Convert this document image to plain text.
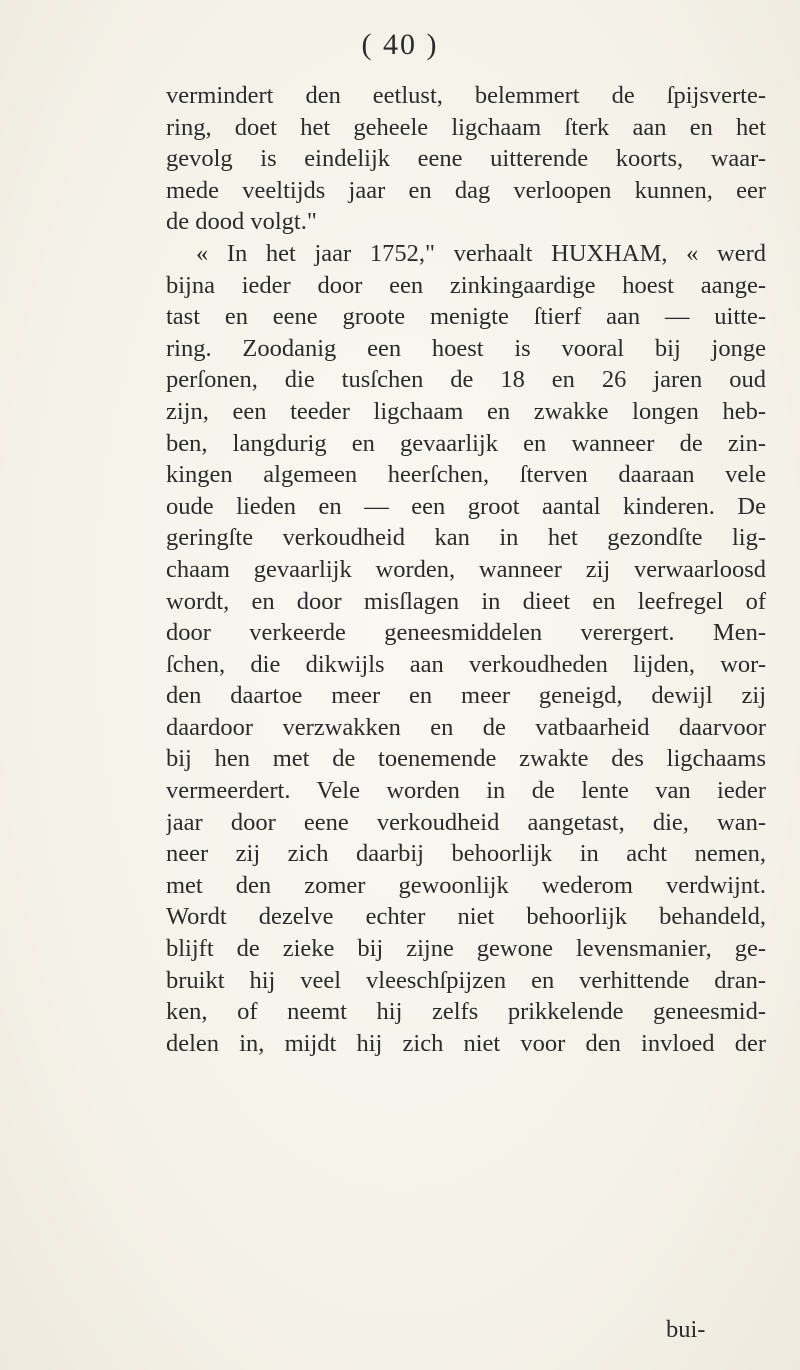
( 40 )
vermindert den eetlust, belemmert de ſpijsverte-
ring, doet het geheele ligchaam ſterk aan en het
gevolg is eindelijk eene uitterende koorts, waar-
mede veeltijds jaar en dag verloopen kunnen, eer
de dood volgt."
« In het jaar 1752," verhaalt HUXHAM, « werd
bijna ieder door een zinkingaardige hoest aange-
tast en eene groote menigte ſtierf aan — uitte-
ring. Zoodanig een hoest is vooral bij jonge
perſonen, die tusſchen de 18 en 26 jaren oud
zijn, een teeder ligchaam en zwakke longen heb-
ben, langdurig en gevaarlijk en wanneer de zin-
kingen algemeen heerſchen, ſterven daaraan vele
oude lieden en — een groot aantal kinderen. De
geringſte verkoudheid kan in het gezondſte lig-
chaam gevaarlijk worden, wanneer zij verwaarloosd
wordt, en door misſlagen in dieet en leefregel of
door verkeerde geneesmiddelen verergert. Men-
ſchen, die dikwijls aan verkoudheden lijden, wor-
den daartoe meer en meer geneigd, dewijl zij
daardoor verzwakken en de vatbaarheid daarvoor
bij hen met de toenemende zwakte des ligchaams
vermeerdert. Vele worden in de lente van ieder
jaar door eene verkoudheid aangetast, die, wan-
neer zij zich daarbij behoorlijk in acht nemen,
met den zomer gewoonlijk wederom verdwijnt.
Wordt dezelve echter niet behoorlijk behandeld,
blijft de zieke bij zijne gewone levensmanier, ge-
bruikt hij veel vleeschſpijzen en verhittende dran-
ken, of neemt hij zelfs prikkelende geneesmid-
delen in, mijdt hij zich niet voor den invloed der
bui-
